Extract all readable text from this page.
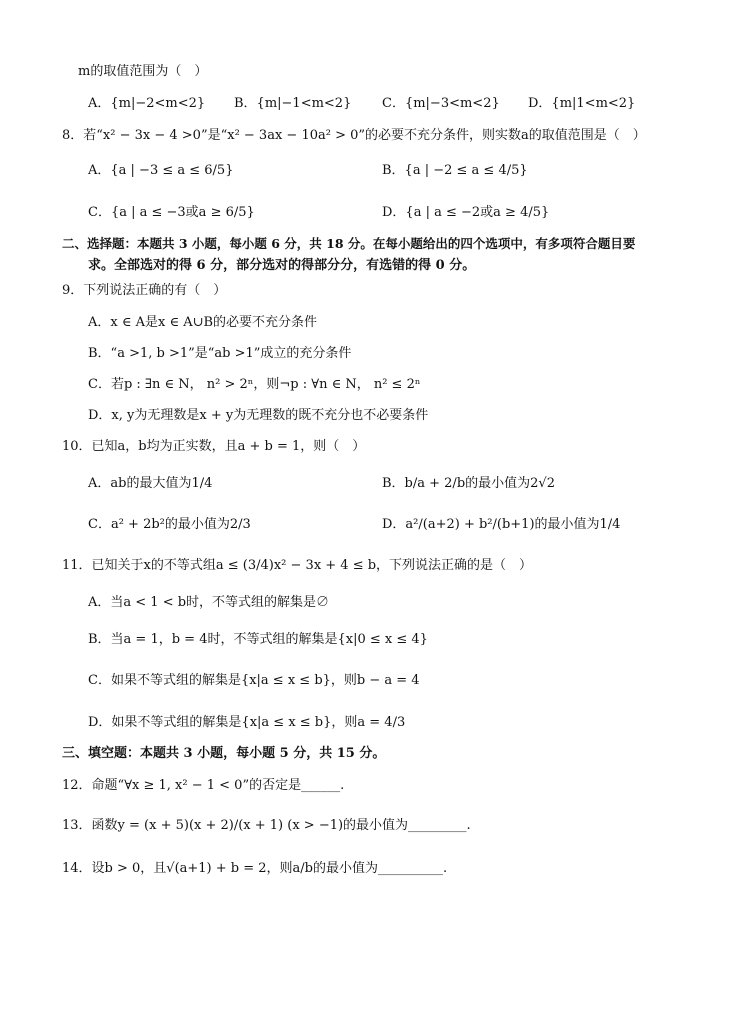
m的取值范围为（　）
A．{m|−2<m<2} B．{m|−1<m<2} C．{m|−3<m<2} D．{m|1<m<2}
8．若“x² − 3x − 4 >0”是“x² − 3ax − 10a² > 0”的必要不充分条件，则实数a的取值范围是（　）
A．{a | −3 ≤ a ≤ 6/5}	B．{a | −2 ≤ a ≤ 4/5}
C．{a | a ≤ −3或a ≥ 6/5}	D．{a | a ≤ −2或a ≥ 4/5}
二、选择题：本题共 3 小题，每小题 6 分，共 18 分。在每小题给出的四个选项中，有多项符合题目要
求。全部选对的得 6 分，部分选对的得部分分，有选错的得 0 分。
9．下列说法正确的有（　）
A．x ∈ A是x ∈ A∪B的必要不充分条件
B．“a >1, b >1”是“ab >1”成立的充分条件
C．若p : ∃n ∈ N， n² > 2ⁿ，则¬p : ∀n ∈ N， n² ≤ 2ⁿ
D．x, y为无理数是x + y为无理数的既不充分也不必要条件
10．已知a，b均为正实数，且a + b = 1，则（　）
A．ab的最大值为1/4	B．b/a + 2/b的最小值为2√2
C．a² + 2b²的最小值为2/3	D．a²/(a+2) + b²/(b+1)的最小值为1/4
11．已知关于x的不等式组a ≤ (3/4)x² − 3x + 4 ≤ b，下列说法正确的是（　）
A．当a < 1 < b时，不等式组的解集是∅
B．当a = 1，b = 4时，不等式组的解集是{x|0 ≤ x ≤ 4}
C．如果不等式组的解集是{x|a ≤ x ≤ b}，则b − a = 4
D．如果不等式组的解集是{x|a ≤ x ≤ b}，则a = 4/3
三、填空题：本题共 3 小题，每小题 5 分，共 15 分。
12．命题“∀x ≥ 1, x² − 1 < 0”的否定是______.
13．函数y = (x + 5)(x + 2)/(x + 1) (x > −1)的最小值为_________.
14．设b > 0，且√(a+1) + b = 2，则a/b的最小值为__________.
